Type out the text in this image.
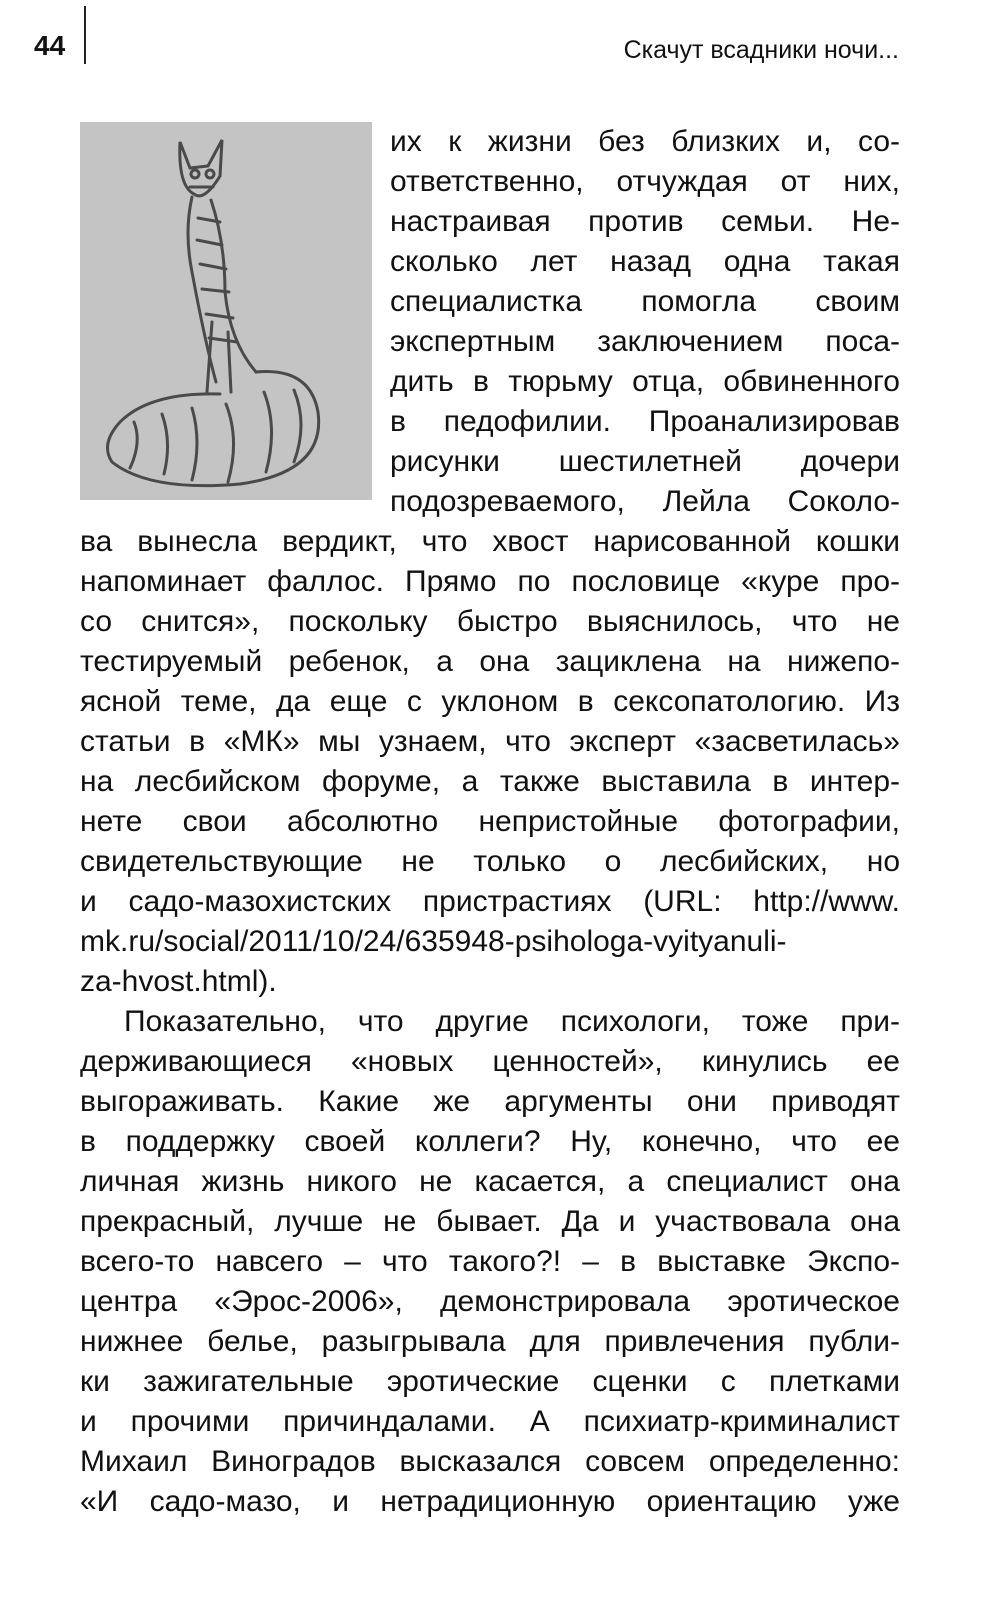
44	Скачут всадники ночи...
их к жизни без близких и, со-
ответственно, отчуждая от них,
настраивая против семьи. Не-
сколько лет назад одна такая
специалистка помогла своим
экспертным заключением поса-
дить в тюрьму отца, обвиненного
в педофилии. Проанализировав
рисунки шестилетней дочери
подозреваемого, Лейла Соколо-
ва вынесла вердикт, что хвост нарисованной кошки
напоминает фаллос. Прямо по пословице «куре про-
со снится», поскольку быстро выяснилось, что не
тестируемый ребенок, а она зациклена на нижепо-
ясной теме, да еще с уклоном в сексопатологию. Из
статьи в «МК» мы узнаем, что эксперт «засветилась»
на лесбийском форуме, а также выставила в интер-
нете свои абсолютно непристойные фотографии,
свидетельствующие не только о лесбийских, но
и садо-мазохистских пристрастиях (URL: http://www.
mk.ru/social/2011/10/24/635948-psihologa-vyityanuli-
za-hvost.html).
Показательно, что другие психологи, тоже при-
держивающиеся «новых ценностей», кинулись ее
выгораживать. Какие же аргументы они приводят
в поддержку своей коллеги? Ну, конечно, что ее
личная жизнь никого не касается, а специалист она
прекрасный, лучше не бывает. Да и участвовала она
всего-то навсего – что такого?! – в выставке Экспо-
центра «Эрос-2006», демонстрировала эротическое
нижнее белье, разыгрывала для привлечения публи-
ки зажигательные эротические сценки с плетками
и прочими причиндалами. А психиатр-криминалист
Михаил Виноградов высказался совсем определенно:
«И садо-мазо, и нетрадиционную ориентацию уже
